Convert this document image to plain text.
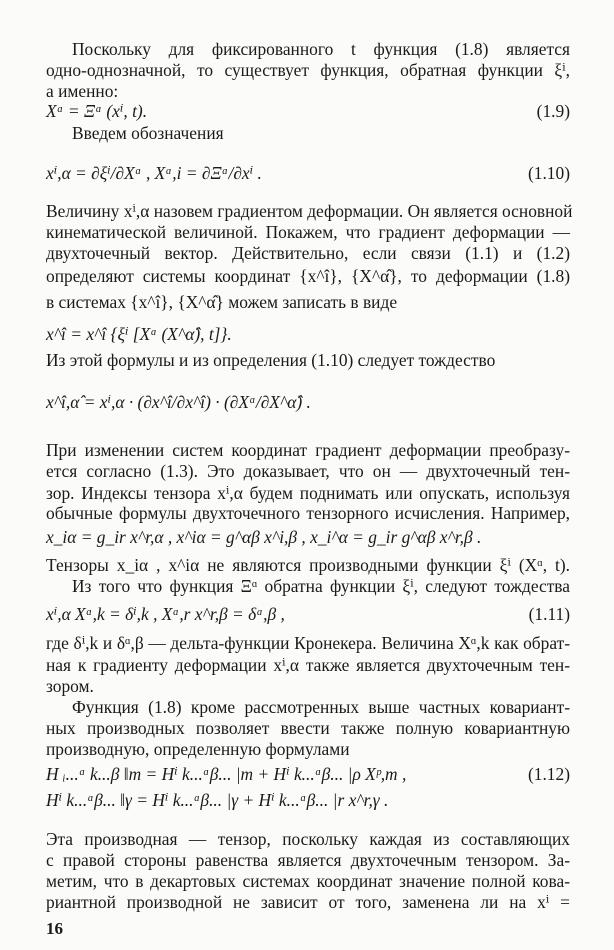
Поскольку для фиксированного t функция (1.8) является
одно-однозначной, то существует функция, обратная функции ξⁱ,
а именно:
Xᵅ = Ξᵅ (xⁱ, t).	(1.9)
Введем обозначения
xⁱ,α = ∂ξⁱ/∂Xᵅ , Xᵅ,i = ∂Ξᵅ/∂xⁱ .	(1.10)
Величину xⁱ,α назовем градиентом деформации. Он является основной
кинематической величиной. Покажем, что градиент деформации —
двухточечный вектор. Действительно, если связи (1.1) и (1.2)
определяют системы координат {x^î}, {X^α̂}, то деформации (1.8)
в системах {x^î}, {X^α̂} можем записать в виде
x^î = x^î {ξⁱ [Xᵅ (X^α̂), t]}.
Из этой формулы и из определения (1.10) следует тождество
x^î,α̂ = xⁱ,α · (∂x^î/∂x^î) · (∂Xᵅ/∂X^α̂) .
При изменении систем координат градиент деформации преобразу-
ется согласно (1.3). Это доказывает, что он — двухточечный тен-
зор. Индексы тензора xⁱ,α будем поднимать или опускать, используя
обычные формулы двухточечного тензорного исчисления. Например,
x_iα = g_ir x^r,α , x^iα = g^αβ x^i,β , x_i^α = g_ir g^αβ x^r,β .
Тензоры x_iα , x^iα не являются производными функции ξⁱ (Xᵅ, t).
Из того что функция Ξᵅ обратна функции ξⁱ, следуют тождества
xⁱ,α Xᵅ,k = δⁱ,k , Xᵅ,r x^r,β = δᵅ,β ,	(1.11)
где δⁱ,k и δᵅ,β — дельта-функции Кронекера. Величина Xᵅ,k как обрат-
ная к градиенту деформации xⁱ,α также является двухточечным тен-
зором.
Функция (1.8) кроме рассмотренных выше частных ковариант-
ных производных позволяет ввести также полную ковариантную
производную, определенную формулами
H ᵢ...ᵅ k...β ‖m = Hⁱ k...ᵅβ... |m + Hⁱ k...ᵅβ... |ρ Xᵖ,m ,	(1.12)
Hⁱ k...ᵅβ... ‖γ = Hⁱ k...ᵅβ... |γ + Hⁱ k...ᵅβ... |r x^r,γ .
Эта производная — тензор, поскольку каждая из составляющих
с правой стороны равенства является двухточечным тензором. За-
метим, что в декартовых системах координат значение полной кова-
риантной производной не зависит от того, заменена ли на xⁱ =
16
